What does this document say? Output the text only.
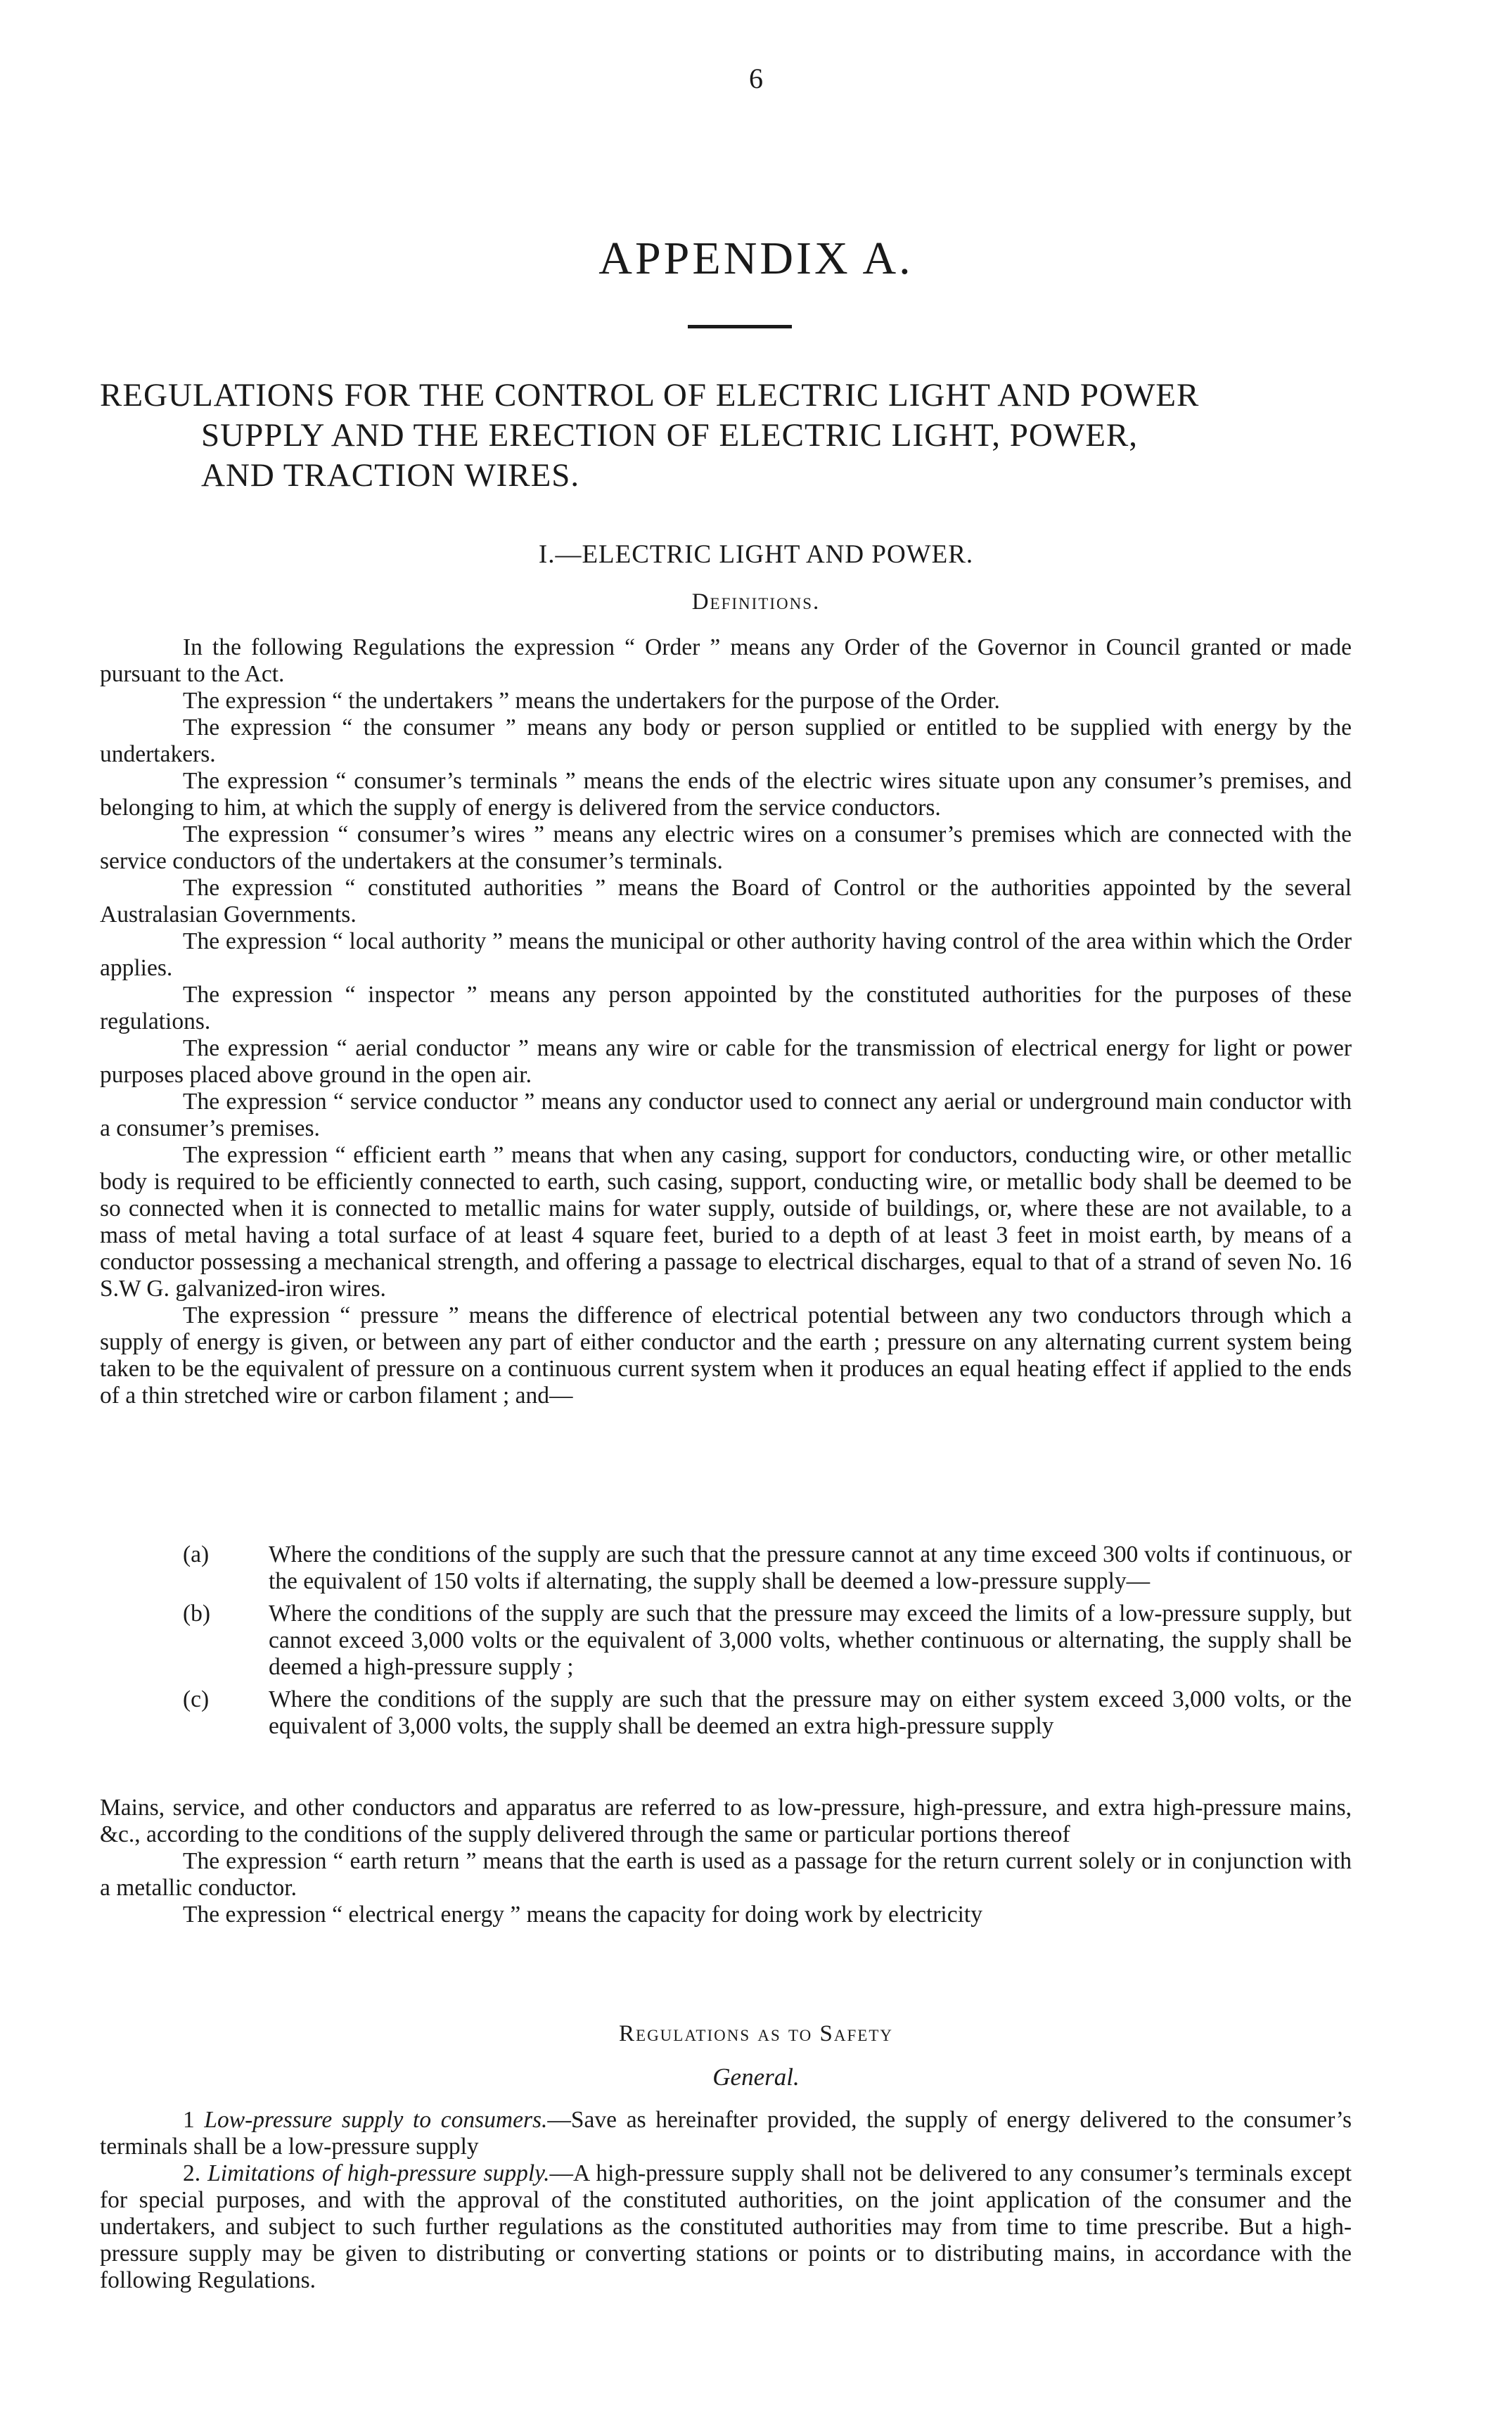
6
APPENDIX A.
REGULATIONS FOR THE CONTROL OF ELECTRIC LIGHT AND POWER
SUPPLY AND THE ERECTION OF ELECTRIC LIGHT, POWER,
AND TRACTION WIRES.
I.—ELECTRIC LIGHT AND POWER.
Definitions.

In the following Regulations the expression “ Order ” means any Order of the Governor in Council granted or made pursuant to the Act.

The expression “ the undertakers ” means the undertakers for the purpose of the Order.

The expression “ the consumer ” means any body or person supplied or entitled to be supplied with energy by the undertakers.

The expression “ consumer’s terminals ” means the ends of the electric wires situate upon any consumer’s premises, and belonging to him, at which the supply of energy is delivered from the service conductors.

The expression “ consumer’s wires ” means any electric wires on a consumer’s premises which are connected with the service conductors of the undertakers at the consumer’s terminals.

The expression “ constituted authorities ” means the Board of Control or the authorities appointed by the several Australasian Governments.

The expression “ local authority ” means the municipal or other authority having control of the area within which the Order applies.

The expression “ inspector ” means any person appointed by the constituted authorities for the purposes of these regulations.

The expression “ aerial conductor ” means any wire or cable for the transmission of electrical energy for light or power purposes placed above ground in the open air.

The expression “ service conductor ” means any conductor used to connect any aerial or underground main conductor with a consumer’s premises.

The expression “ efficient earth ” means that when any casing, support for conductors, conducting wire, or other metallic body is required to be efficiently connected to earth, such casing, support, conducting wire, or metallic body shall be deemed to be so connected when it is connected to metallic mains for water supply, outside of buildings, or, where these are not available, to a mass of metal having a total surface of at least 4 square feet, buried to a depth of at least 3 feet in moist earth, by means of a conductor possessing a mechanical strength, and offering a passage to electrical discharges, equal to that of a strand of seven No. 16 S.W G. galvanized-iron wires.

The expression “ pressure ” means the difference of electrical potential between any two conductors through which a supply of energy is given, or between any part of either conductor and the earth ; pressure on any alternating current system being taken to be the equivalent of pressure on a continuous current system when it produces an equal heating effect if applied to the ends of a thin stretched wire or carbon filament ; and—

(a)	Where the conditions of the supply are such that the pressure cannot at any time exceed 300 volts if continuous, or the equivalent of 150 volts if alternating, the supply shall be deemed a low-pressure supply—
(b) Where the conditions of the supply are such that the pressure may exceed the limits of a low-pressure supply, but cannot exceed 3,000 volts or the equivalent of 3,000 volts, whether continuous or alternating, the supply shall be deemed a high-pressure supply ;
(c)	Where the conditions of the supply are such that the pressure may on either system exceed 3,000 volts, or the equivalent of 3,000 volts, the supply shall be deemed an extra high-pressure supply

Mains, service, and other conductors and apparatus are referred to as low-pressure, high-pressure, and extra high-pressure mains, &c., according to the conditions of the supply delivered through the same or particular portions thereof

The expression “ earth return ” means that the earth is used as a passage for the return current solely or in conjunction with a metallic conductor.

The expression “ electrical energy ” means the capacity for doing work by electricity

Regulations as to Safety
General.

1 Low-pressure supply to consumers.—Save as hereinafter provided, the supply of energy delivered to the consumer’s terminals shall be a low-pressure supply

2. Limitations of high-pressure supply.—A high-pressure supply shall not be delivered to any consumer’s terminals except for special purposes, and with the approval of the constituted authorities, on the joint application of the consumer and the undertakers, and subject to such further regulations as the constituted authorities may from time to time prescribe. But a high-pressure supply may be given to distributing or converting stations or points or to distributing mains, in accordance with the following Regulations.
